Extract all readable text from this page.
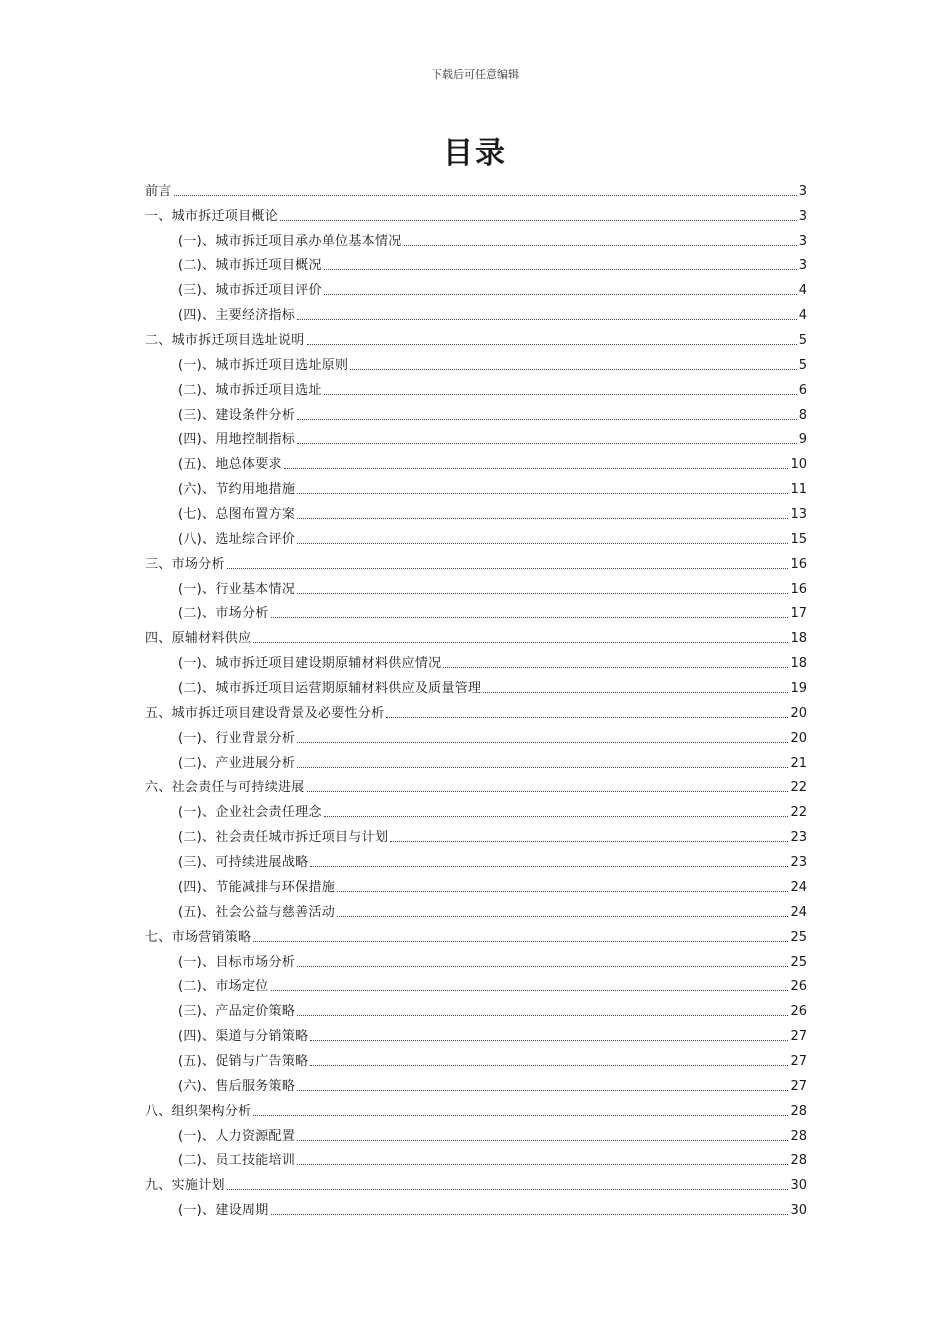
下载后可任意编辑
目录
前言	3
一、城市拆迁项目概论	3
(一)、城市拆迁项目承办单位基本情况	3
(二)、城市拆迁项目概况	3
(三)、城市拆迁项目评价	4
(四)、主要经济指标	4
二、城市拆迁项目选址说明	5
(一)、城市拆迁项目选址原则	5
(二)、城市拆迁项目选址	6
(三)、建设条件分析	8
(四)、用地控制指标	9
(五)、地总体要求	10
(六)、节约用地措施	11
(七)、总图布置方案	13
(八)、选址综合评价	15
三、市场分析	16
(一)、行业基本情况	16
(二)、市场分析	17
四、原辅材料供应	18
(一)、城市拆迁项目建设期原辅材料供应情况	18
(二)、城市拆迁项目运营期原辅材料供应及质量管理	19
五、城市拆迁项目建设背景及必要性分析	20
(一)、行业背景分析	20
(二)、产业进展分析	21
六、社会责任与可持续进展	22
(一)、企业社会责任理念	22
(二)、社会责任城市拆迁项目与计划	23
(三)、可持续进展战略	23
(四)、节能减排与环保措施	24
(五)、社会公益与慈善活动	24
七、市场营销策略	25
(一)、目标市场分析	25
(二)、市场定位	26
(三)、产品定价策略	26
(四)、渠道与分销策略	27
(五)、促销与广告策略	27
(六)、售后服务策略	27
八、组织架构分析	28
(一)、人力资源配置	28
(二)、员工技能培训	28
九、实施计划	30
(一)、建设周期	30
